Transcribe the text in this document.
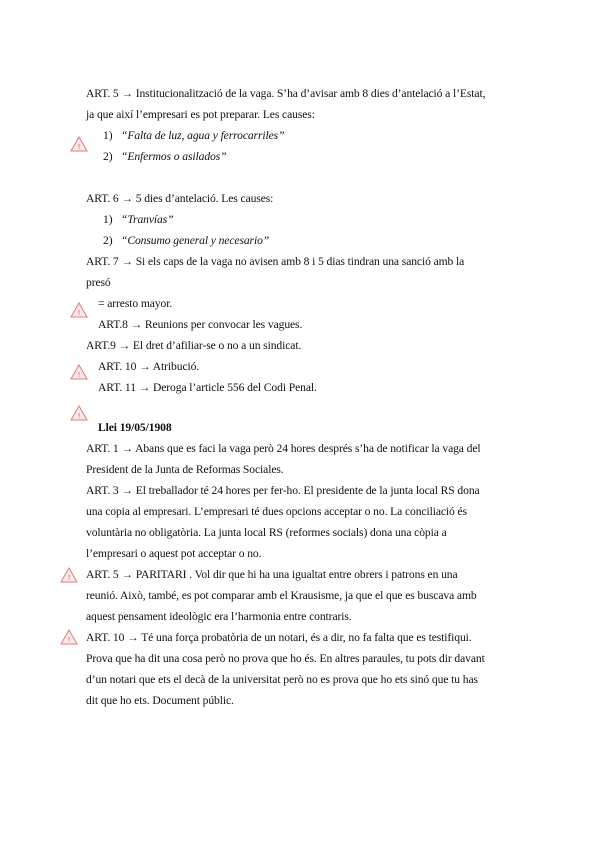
ART. 5 → Institucionalització de la vaga. S’ha d’avisar amb 8 dies d’antelació a l’Estat,
ja que així l’empresari es pot preparar. Les causes:
1) “Falta de luz, agua y ferrocarriles”
2) “Enfermos o asilados”
ART. 6 → 5 dies d’antelació. Les causes:
1) “Tranvías”
2) “Consumo general y necesario”
ART. 7 → Si els caps de la vaga no avisen amb 8 i 5 dias tindran una sanció amb la
presó
= arresto mayor.
ART.8 → Reunions per convocar les vagues.
ART.9 → El dret d’afiliar-se o no a un sindicat.
ART. 10 → Atribució.
ART. 11 → Deroga l’article 556 del Codi Penal.
Llei 19/05/1908
ART. 1 → Abans que es faci la vaga però 24 hores després s’ha de notificar la vaga del
President de la Junta de Reformas Sociales.
ART. 3 → El treballador té 24 hores per fer-ho. El presidente de la junta local RS dona
una copia al empresari. L’empresari té dues opcions acceptar o no. La conciliació és
voluntària no obligatòria. La junta local RS (reformes socials) dona una còpia a
l’empresari o aquest pot acceptar o no.
ART. 5 → PARITARI . Vol dir que hi ha una igualtat entre obrers i patrons en una
reunió. Això, també, es pot comparar amb el Krausisme, ja que el que es buscava amb
aquest pensament ideològic era l’harmonia entre contraris.
ART. 10 → Té una força probatòria de un notari, és a dir, no fa falta que es testifiqui.
Prova que ha dit una cosa però no prova que ho és. En altres paraules, tu pots dir davant
d’un notari que ets el decà de la universitat però no es prova que ho ets sinó que tu has
dit que ho ets. Document públic.
!
!
!
!
!
!
